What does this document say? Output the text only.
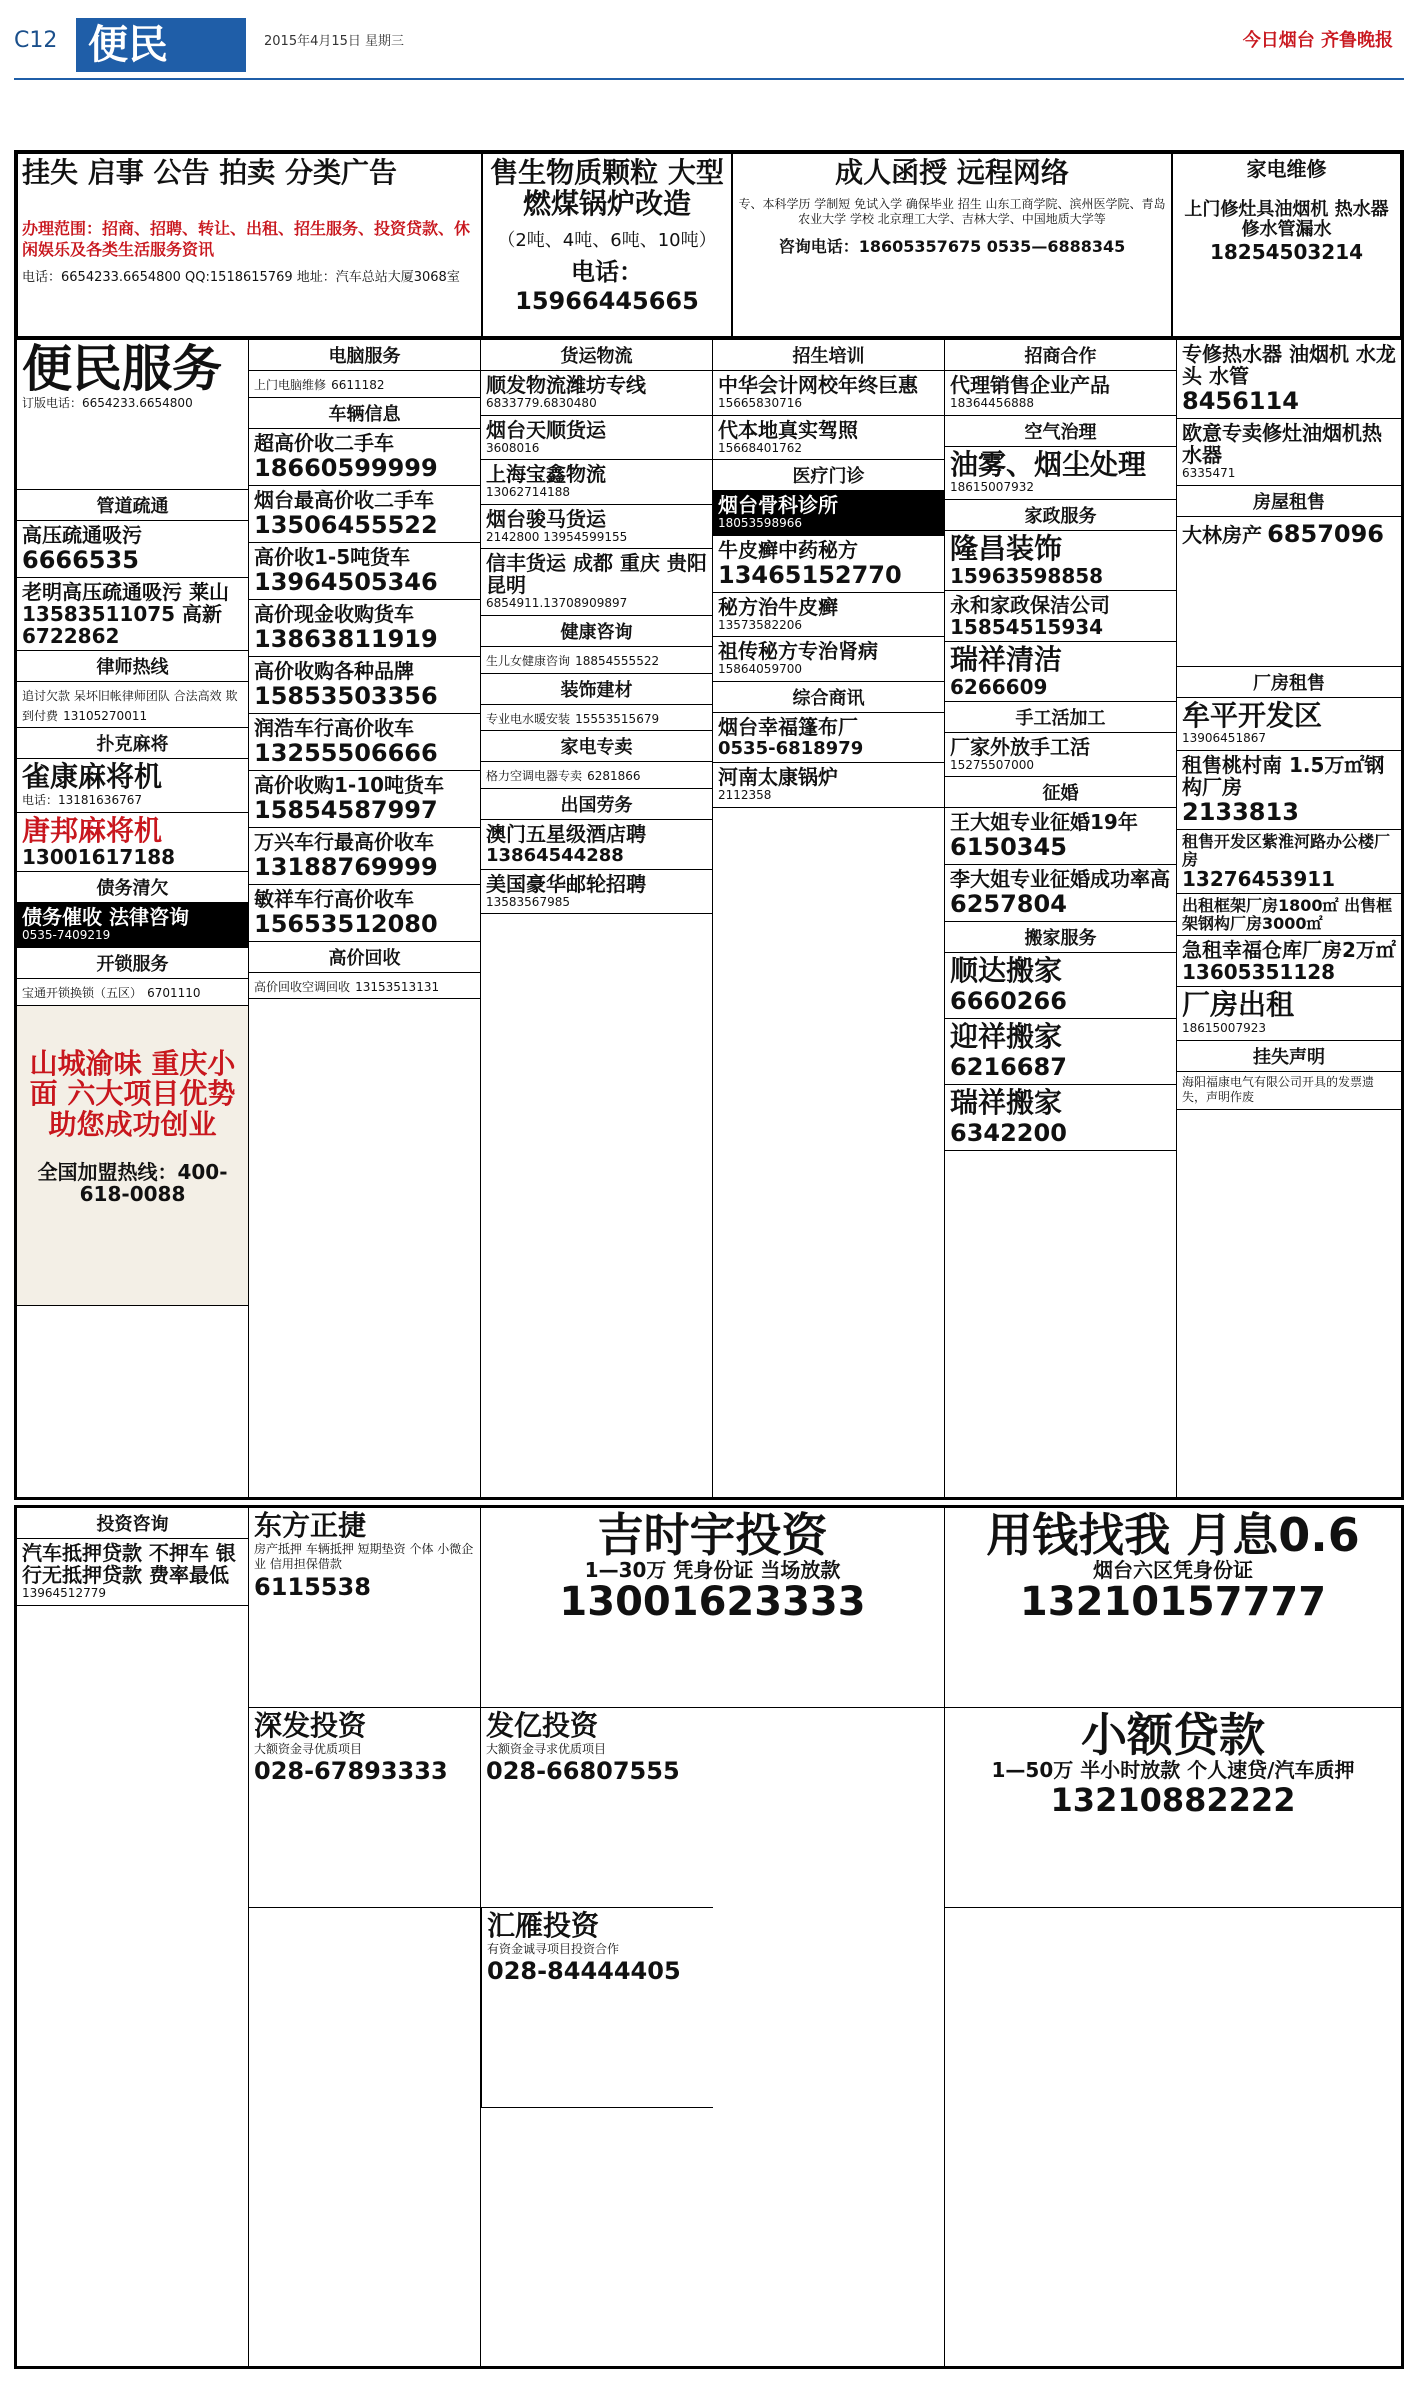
C12 便民	2015年4月15日 星期三	今日烟台 齐鲁晚报
挂失 启事 公告 拍卖 分类广告
办理范围：招商、招聘、转让、出租、招生服务、投资贷款、休闲娱乐及各类生活服务资讯
电话：6654233.6654800 QQ:1518615769 地址：汽车总站大厦3068室
售生物质颗粒 大型燃煤锅炉改造
（2吨、4吨、6吨、10吨）
电话：15966445665
成人函授 远程网络
专、本科学历 学制短 免试入学 确保毕业 招生 山东工商学院、滨州医学院、青岛农业大学 学校 北京理工大学、吉林大学、中国地质大学等
咨询电话：18605357675 0535—6888345
家电维修
上门修灶具油烟机 热水器修水管漏水
18254503214
便民服务
订版电话：6654233.6654800
管道疏通
高压疏通吸污 6666535
老明高压疏通吸污 莱山13583511075 高新6722862
律师热线
追讨欠款 呆坏旧帐律师团队 合法高效 欺到付费 13105270011
扑克麻将
雀康麻将机
电话：13181636767
唐邦麻将机
13001617188
债务清欠
债务催收 法律咨询
0535-7409219
开锁服务
宝通开锁换锁（五区） 6701110
山城渝味 重庆小面 六大项目优势助您成功创业
全国加盟热线：400-618-0088
电脑服务
上门电脑维修 6611182
车辆信息
超高价收二手车
18660599999
烟台最高价收二手车
13506455522
高价收1-5吨货车
13964505346
高价现金收购货车
13863811919
高价收购各种品牌
15853503356
润浩车行高价收车
13255506666
高价收购1-10吨货车
15854587997
万兴车行最高价收车
13188769999
敏祥车行高价收车
15653512080
高价回收
高价回收空调回收 13153513131
货运物流
顺发物流潍坊专线
6833779.6830480
烟台天顺货运
3608016
上海宝鑫物流
13062714188
烟台骏马货运
2142800 13954599155
信丰货运 成都 重庆 贵阳 昆明
6854911.13708909897
健康咨询
生儿女健康咨询 18854555522
装饰建材
专业电水暖安装 15553515679
家电专卖
格力空调电器专卖 6281866
出国劳务
澳门五星级酒店聘
13864544288
美国豪华邮轮招聘
13583567985
招生培训
中华会计网校年终巨惠
15665830716
代本地真实驾照
15668401762
医疗门诊
烟台骨科诊所
18053598966
牛皮癣中药秘方
13465152770
秘方治牛皮癣
13573582206
祖传秘方专治肾病
15864059700
综合商讯
烟台幸福篷布厂
0535-6818979
河南太康锅炉
2112358
招商合作
代理销售企业产品
18364456888
空气治理
油雾、烟尘处理
18615007932
家政服务
隆昌装饰
15963598858
永和家政保洁公司
15854515934
瑞祥清洁
6266609
手工活加工
厂家外放手工活
15275507000
征婚
王大姐专业征婚19年
6150345
李大姐专业征婚成功率高
6257804
搬家服务
顺达搬家 6660266
迎祥搬家 6216687
瑞祥搬家 6342200
专修热水器 油烟机 水龙头 水管
8456114
欧意专卖修灶油烟机热水器
6335471
房屋租售
大林房产 6857096
厂房租售
牟平开发区
13906451867
租售桃村南 1.5万㎡钢构厂房
2133813
租售开发区紫淮河路办公楼厂房
13276453911
出租框架厂房1800㎡ 出售框架钢构厂房3000㎡
急租幸福仓库厂房2万㎡
13605351128
厂房出租
18615007923
挂失声明
海阳福康电气有限公司开具的发票遗失，声明作废
投资咨询
汽车抵押贷款 不押车 银行无抵押贷款 费率最低
13964512779
东方正捷
房产抵押 车辆抵押 短期垫资 个体 小微企业 信用担保借款
6115538
深发投资
大额资金寻优质项目
028-67893333
吉时宇投资
1—30万 凭身份证 当场放款
13001623333
发亿投资
大额资金寻求优质项目
028-66807555
汇雁投资
有资金诚寻项目投资合作
028-84444405
用钱找我 月息0.6
烟台六区凭身份证
13210157777
小额贷款
1—50万 半小时放款 个人速贷/汽车质押
13210882222
